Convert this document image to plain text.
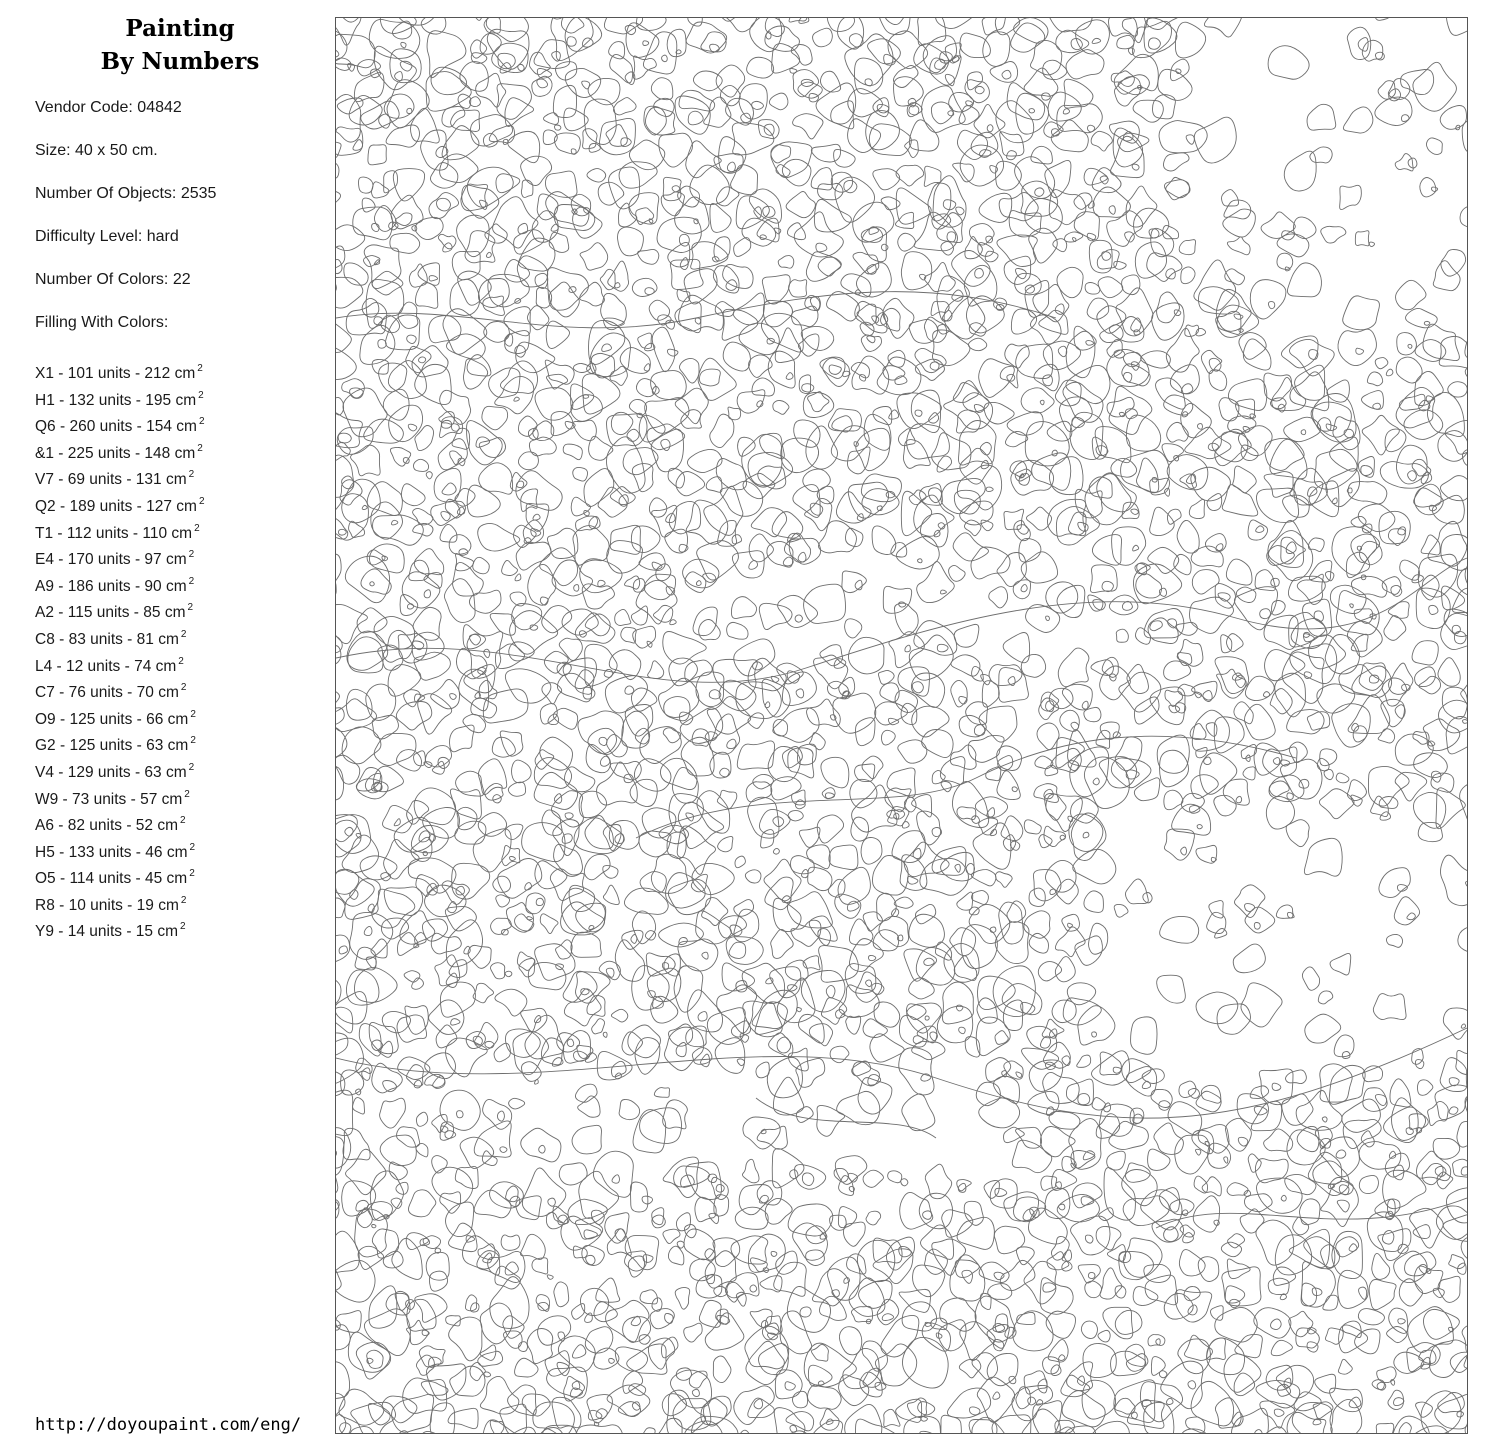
Painting
By Numbers
Vendor Code: 04842
Size: 40 x 50 cm.
Number Of Objects: 2535
Difficulty Level: hard
Number Of Colors: 22
Filling With Colors:
X1 - 101 units - 212 cm $^2$
H1 - 132 units - 195 cm $^2$
Q6 - 260 units - 154 cm $^2$
&1 - 225 units - 148 cm $^2$
V7 - 69 units - 131 cm $^2$
Q2 - 189 units - 127 cm $^2$
T1 - 112 units - 110 cm $^2$
E4 - 170 units - 97 cm $^2$
A9 - 186 units - 90 cm $^2$
A2 - 115 units - 85 cm $^2$
C8 - 83 units - 81 cm $^2$
L4 - 12 units - 74 cm $^2$
C7 - 76 units - 70 cm $^2$
O9 - 125 units - 66 cm $^2$
G2 - 125 units - 63 cm $^2$
V4 - 129 units - 63 cm $^2$
W9 - 73 units - 57 cm $^2$
A6 - 82 units - 52 cm $^2$
H5 - 133 units - 46 cm $^2$
O5 - 114 units - 45 cm $^2$
R8 - 10 units - 19 cm $^2$
Y9 - 14 units - 15 cm $^2$
http://doyoupaint.com/eng/
